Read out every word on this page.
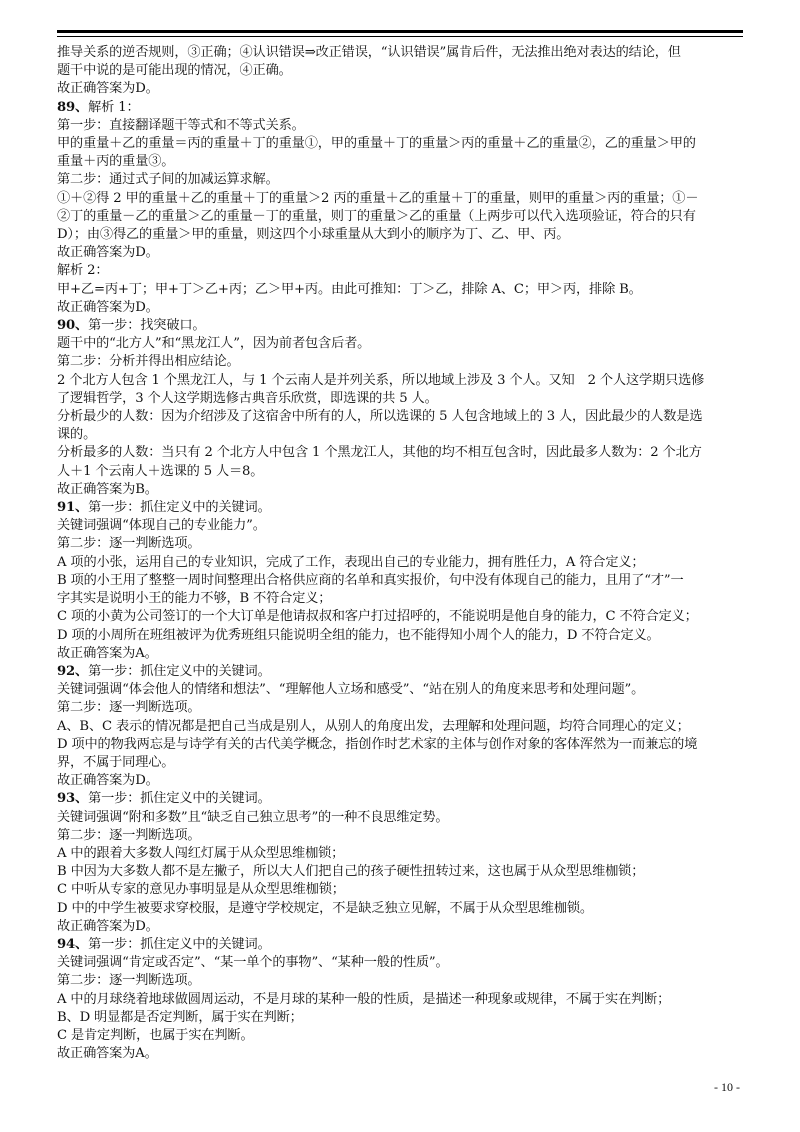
推导关系的逆否规则，③正确；④认识错误⇒改正错误，“认识错误”属肯后件，无法推出绝对表达的结论，但

题干中说的是可能出现的情况，④正确。

故正确答案为D。

89、解析 1：

第一步：直接翻译题干等式和不等式关系。

甲的重量＋乙的重量＝丙的重量＋丁的重量①，甲的重量＋丁的重量＞丙的重量＋乙的重量②，乙的重量＞甲的

重量＋丙的重量③。

第二步：通过式子间的加减运算求解。

①＋②得 2 甲的重量＋乙的重量＋丁的重量＞2 丙的重量＋乙的重量＋丁的重量，则甲的重量＞丙的重量；①－

②丁的重量－乙的重量＞乙的重量－丁的重量，则丁的重量＞乙的重量（上两步可以代入选项验证，符合的只有

D）；由③得乙的重量＞甲的重量，则这四个小球重量从大到小的顺序为丁、乙、甲、丙。

故正确答案为D。

解析 2：

甲+乙=丙+丁；甲+丁＞乙+丙；乙＞甲+丙。由此可推知：丁＞乙，排除 A、C；甲＞丙，排除 B。

故正确答案为D。

90、第一步：找突破口。

题干中的“北方人”和“黑龙江人”，因为前者包含后者。

第二步：分析并得出相应结论。

2 个北方人包含 1 个黑龙江人，与 1 个云南人是并列关系，所以地域上涉及 3 个人。又知　2 个人这学期只选修

了逻辑哲学，3 个人这学期选修古典音乐欣赏，即选课的共 5 人。

分析最少的人数：因为介绍涉及了这宿舍中所有的人，所以选课的 5 人包含地域上的 3 人，因此最少的人数是选

课的。

分析最多的人数：当只有 2 个北方人中包含 1 个黑龙江人，其他的均不相互包含时，因此最多人数为：2 个北方

人＋1 个云南人＋选课的 5 人＝8。

故正确答案为B。

91、第一步：抓住定义中的关键词。

关键词强调“体现自己的专业能力”。

第二步：逐一判断选项。

A 项的小张，运用自己的专业知识，完成了工作，表现出自己的专业能力，拥有胜任力，A 符合定义；

B 项的小王用了整整一周时间整理出合格供应商的名单和真实报价，句中没有体现自己的能力，且用了“才”一

字其实是说明小王的能力不够，B 不符合定义；

C 项的小黄为公司签订的一个大订单是他请叔叔和客户打过招呼的，不能说明是他自身的能力，C 不符合定义；

D 项的小周所在班组被评为优秀班组只能说明全组的能力，也不能得知小周个人的能力，D 不符合定义。

故正确答案为A。

92、第一步：抓住定义中的关键词。

关键词强调“体会他人的情绪和想法”、“理解他人立场和感受”、“站在别人的角度来思考和处理问题”。

第二步：逐一判断选项。

A、B、C 表示的情况都是把自己当成是别人，从别人的角度出发，去理解和处理问题，均符合同理心的定义；

D 项中的物我两忘是与诗学有关的古代美学概念，指创作时艺术家的主体与创作对象的客体浑然为一而兼忘的境

界，不属于同理心。

故正确答案为D。

93、第一步：抓住定义中的关键词。

关键词强调“附和多数”且“缺乏自己独立思考”的一种不良思维定势。

第二步：逐一判断选项。

A 中的跟着大多数人闯红灯属于从众型思维枷锁；

B 中因为大多数人都不是左撇子，所以大人们把自己的孩子硬性扭转过来，这也属于从众型思维枷锁；

C 中听从专家的意见办事明显是从众型思维枷锁；

D 中的中学生被要求穿校服，是遵守学校规定，不是缺乏独立见解，不属于从众型思维枷锁。

故正确答案为D。

94、第一步：抓住定义中的关键词。

关键词强调“肯定或否定”、“某一单个的事物”、“某种一般的性质”。

第二步：逐一判断选项。

A 中的月球绕着地球做圆周运动，不是月球的某种一般的性质，是描述一种现象或规律，不属于实在判断；

B、D 明显都是否定判断，属于实在判断；

C 是肯定判断，也属于实在判断。

故正确答案为A。

- 10 -
